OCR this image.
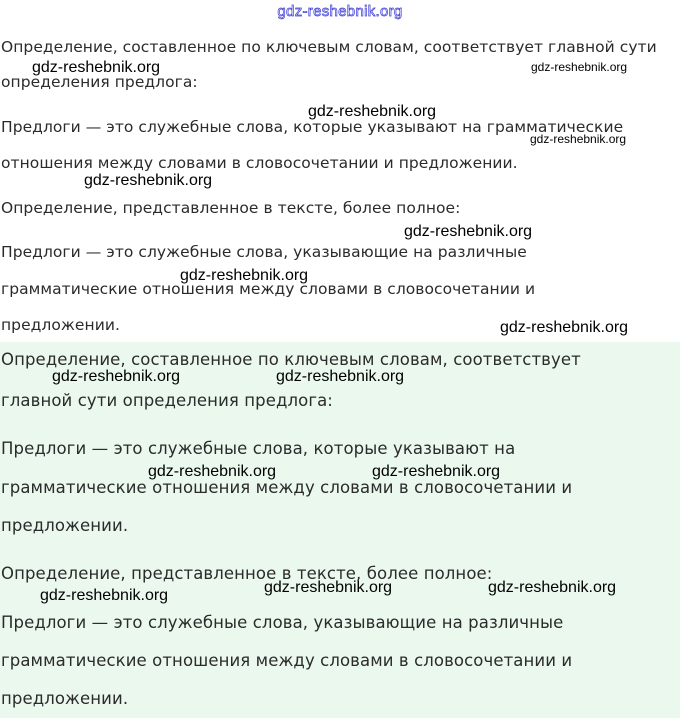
gdz-reshebnik.org
Определение, составленное по ключевым словам, соответствует главной сути
определения предлога:
Предлоги — это служебные слова, которые указывают на грамматические
отношения между словами в словосочетании и предложении.
Определение, представленное в тексте, более полное:
Предлоги — это служебные слова, указывающие на различные
грамматические отношения между словами в словосочетании и
предложении.
Определение, составленное по ключевым словам, соответствует
главной сути определения предлога:
Предлоги — это служебные слова, которые указывают на
грамматические отношения между словами в словосочетании и
предложении.
Определение, представленное в тексте, более полное:
Предлоги — это служебные слова, указывающие на различные
грамматические отношения между словами в словосочетании и
предложении.
gdz-reshebnik.org	gdz-reshebnik.org
gdz-reshebnik.org
gdz-reshebnik.org
gdz-reshebnik.org
gdz-reshebnik.org
gdz-reshebnik.org
gdz-reshebnik.org
gdz-reshebnik.org	gdz-reshebnik.org
gdz-reshebnik.org	gdz-reshebnik.org
gdz-reshebnik.org	gdz-reshebnik.org
gdz-reshebnik.org
